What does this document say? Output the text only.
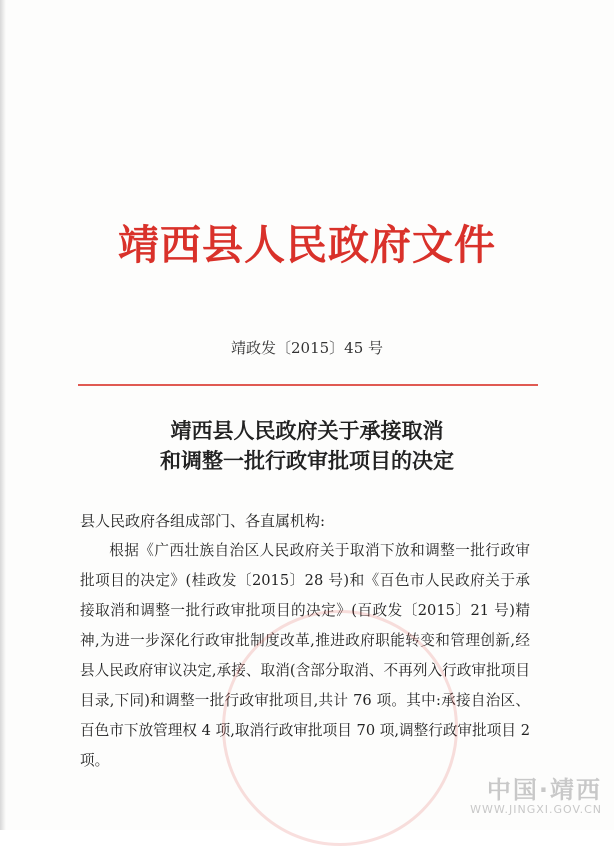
靖西县人民政府文件
靖政发〔2015〕45 号
靖西县人民政府关于承接取消
和调整一批行政审批项目的决定
县人民政府各组成部门、各直属机构:
根据《广西壮族自治区人民政府关于取消下放和调整一批行政审批项目的决定》(桂政发〔2015〕28 号)和《百色市人民政府关于承接取消和调整一批行政审批项目的决定》(百政发〔2015〕21 号)精神,为进一步深化行政审批制度改革,推进政府职能转变和管理创新,经县人民政府审议决定,承接、取消(含部分取消、不再列入行政审批项目目录,下同)和调整一批行政审批项目,共计 76 项。其中:承接自治区、百色市下放管理权 4 项,取消行政审批项目 70 项,调整行政审批项目 2 项。
中国·靖西
WWW.JINGXI.GOV.CN
